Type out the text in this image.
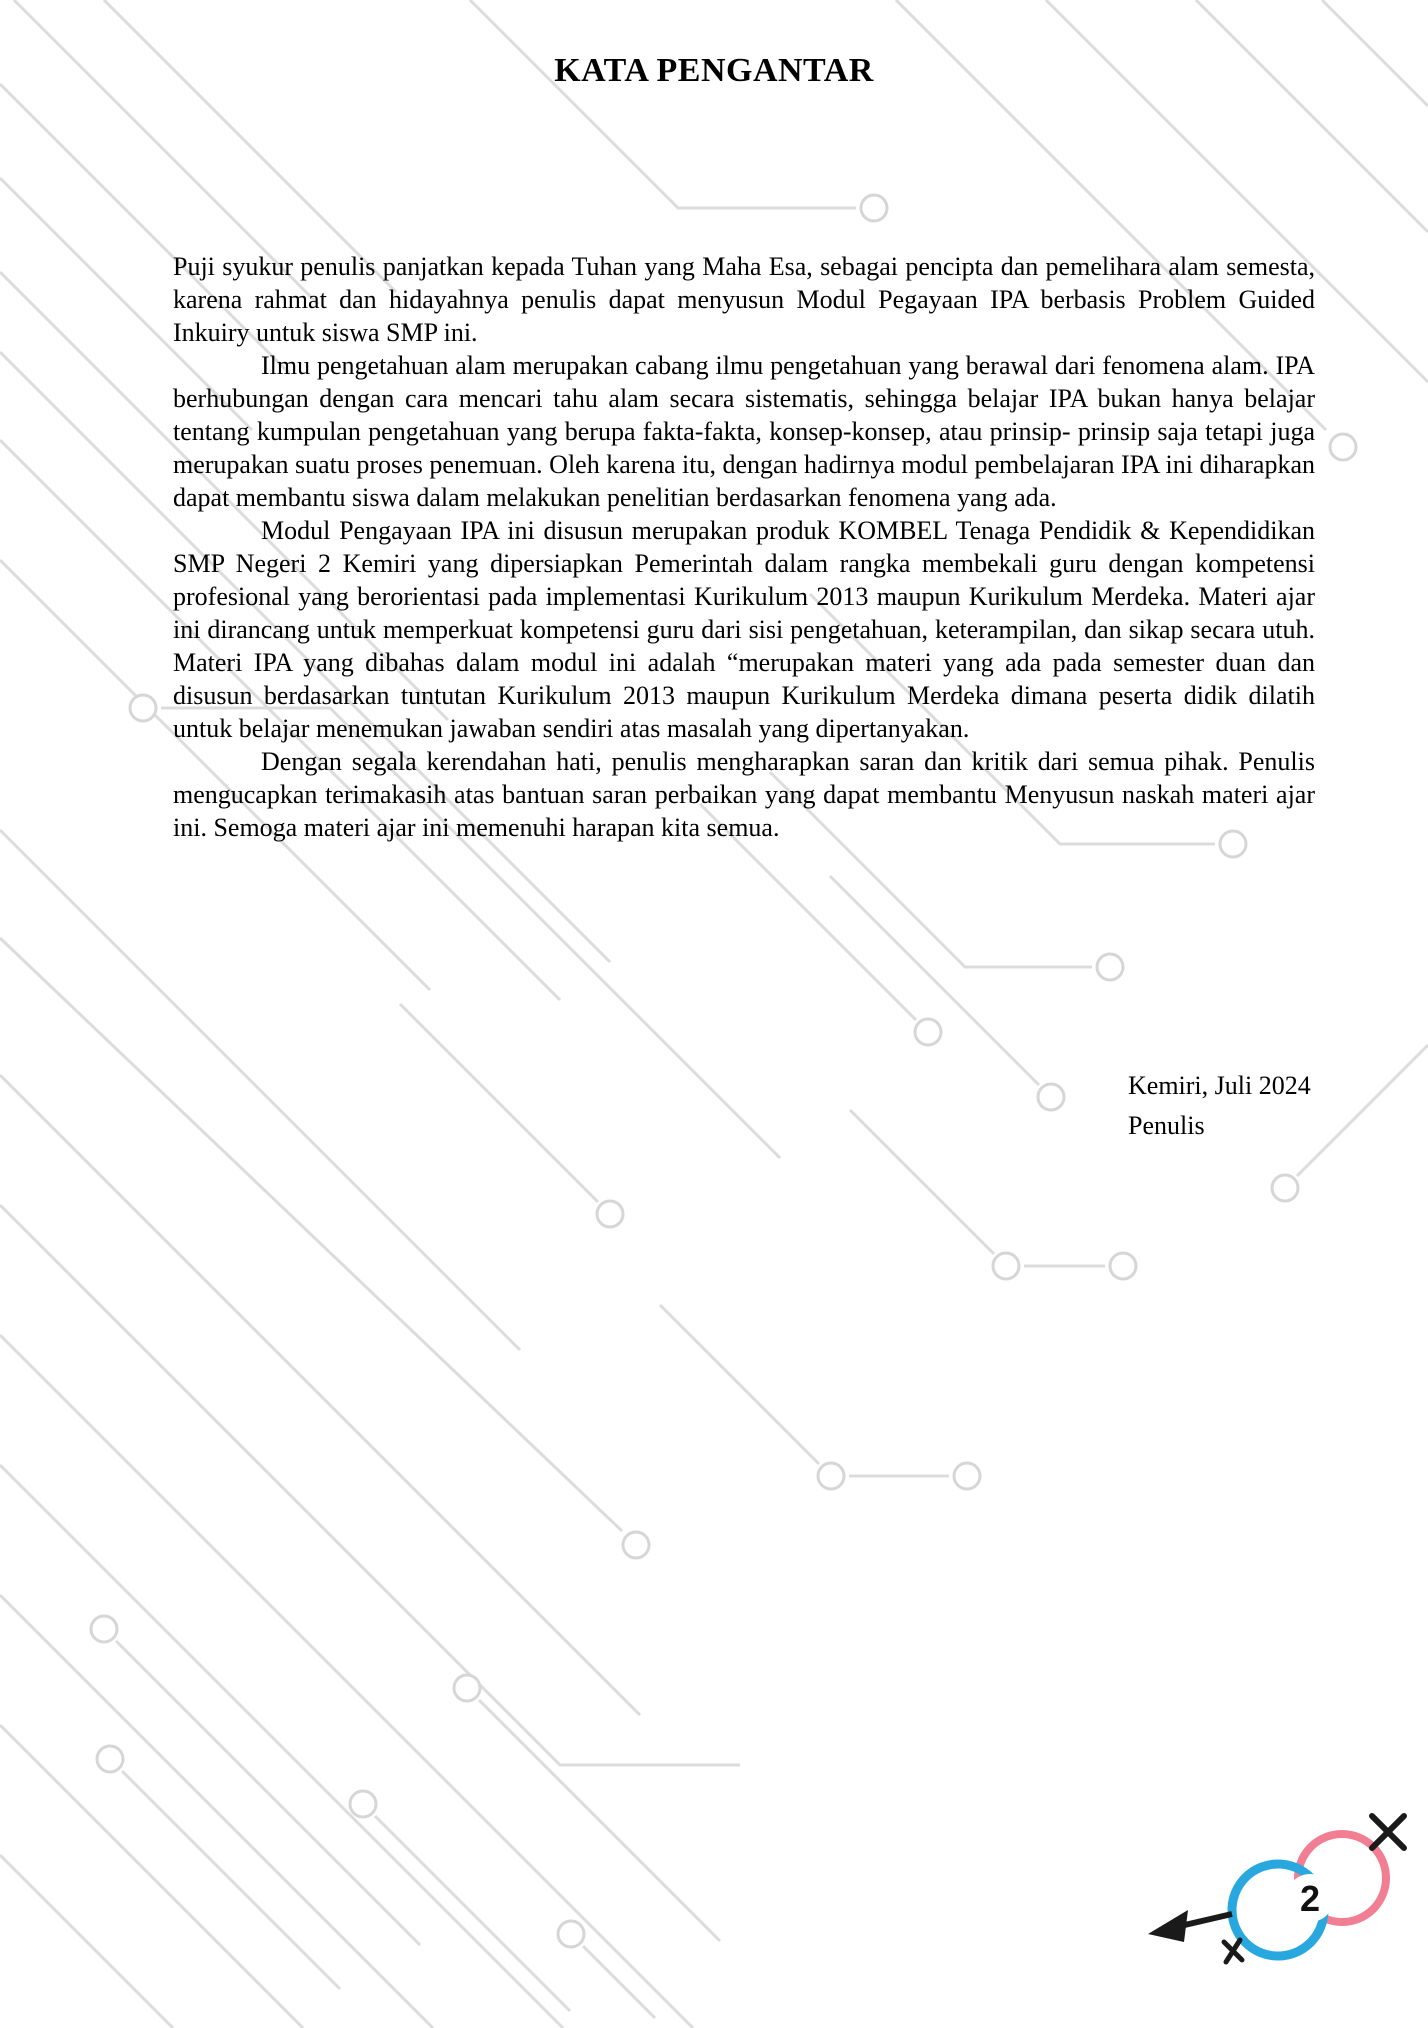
KATA PENGANTAR

Puji syukur penulis panjatkan kepada Tuhan yang Maha Esa, sebagai pencipta dan pemelihara alam semesta, karena rahmat dan hidayahnya penulis dapat menyusun Modul Pegayaan IPA berbasis Problem Guided Inkuiry untuk siswa SMP ini.

Ilmu pengetahuan alam merupakan cabang ilmu pengetahuan yang berawal dari fenomena alam. IPA berhubungan dengan cara mencari tahu alam secara sistematis, sehingga belajar IPA bukan hanya belajar tentang kumpulan pengetahuan yang berupa fakta-fakta, konsep-konsep, atau prinsip- prinsip saja tetapi juga merupakan suatu proses penemuan. Oleh karena itu, dengan hadirnya modul pembelajaran IPA ini diharapkan dapat membantu siswa dalam melakukan penelitian berdasarkan fenomena yang ada.

Modul Pengayaan IPA ini disusun merupakan produk KOMBEL Tenaga Pendidik & Kependidikan SMP Negeri 2 Kemiri yang dipersiapkan Pemerintah dalam rangka membekali guru dengan kompetensi profesional yang berorientasi pada implementasi Kurikulum 2013 maupun Kurikulum Merdeka. Materi ajar ini dirancang untuk memperkuat kompetensi guru dari sisi pengetahuan, keterampilan, dan sikap secara utuh. Materi IPA yang dibahas dalam modul ini adalah “merupakan materi yang ada pada semester duan dan disusun berdasarkan tuntutan Kurikulum 2013 maupun Kurikulum Merdeka dimana peserta didik dilatih untuk belajar menemukan jawaban sendiri atas masalah yang dipertanyakan.

Dengan segala kerendahan hati, penulis mengharapkan saran dan kritik dari semua pihak. Penulis mengucapkan terimakasih atas bantuan saran perbaikan yang dapat membantu Menyusun naskah materi ajar ini. Semoga materi ajar ini memenuhi harapan kita semua.

Kemiri, Juli 2024
Penulis
2
